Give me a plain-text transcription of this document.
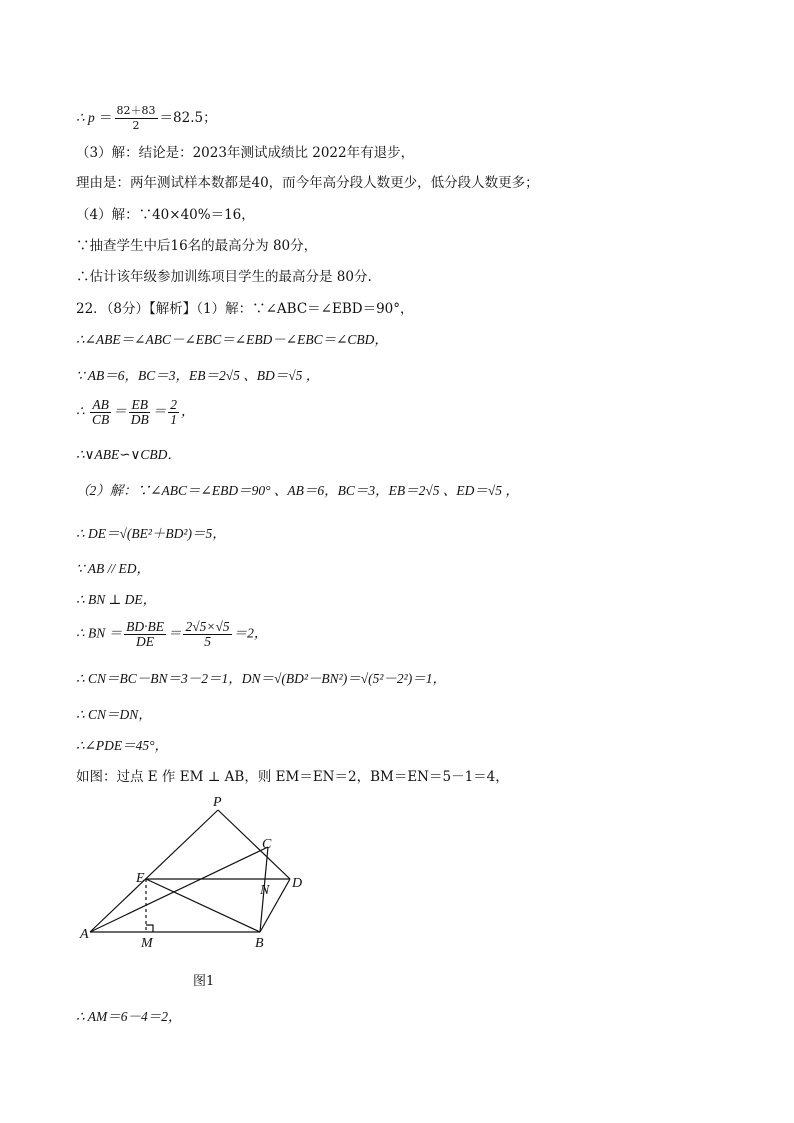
∴ $p = \frac{82+83}{2} =82.5$；
（3）解：结论是：2023年测试成绩比 2022年有退步，
理由是：两年测试样本数都是40，而今年高分段人数更少，低分段人数更多；
（4）解：∵40×40%＝16，
∵抽查学生中后16名的最高分为 80分，
∴估计该年级参加训练项目学生的最高分是 80分.
22．（8分）【解析】（1）解：∵∠ABC＝∠EBD＝90°，
∴∠ABE＝∠ABC－∠EBC＝∠EBD－∠EBC＝∠CBD，
∵ AB＝6，BC＝3，EB＝2√5 、BD＝√5 ，
∴ $\frac{AB}{CB} = \frac{EB}{DB} = \frac{2}{1}$ ，
∴∨ABE∽∨CBD．
（2）解：∵∠ABC＝∠EBD＝90° 、AB＝6，BC＝3，EB＝2√5 、ED＝√5 ，
∴ DE＝√(BE²＋BD²)＝5，
∵ AB // ED，
∴ BN ⊥ DE，
∴ BN ＝ $\frac{BD\cdot BE}{DE} = \frac{2√5\times√5}{5} =2$，
∴ CN＝BC－BN＝3－2＝1，DN＝√(BD²－BN²)＝√(5²－2²)＝1，
∴ CN＝DN，
∴∠PDE＝45°，
如图：过点 E 作 EM ⊥ AB，则 EM＝EN＝2，BM＝EN＝5－1＝4，
P
C
E
N D
A
M	B
图1
∴ AM＝6－4＝2，
